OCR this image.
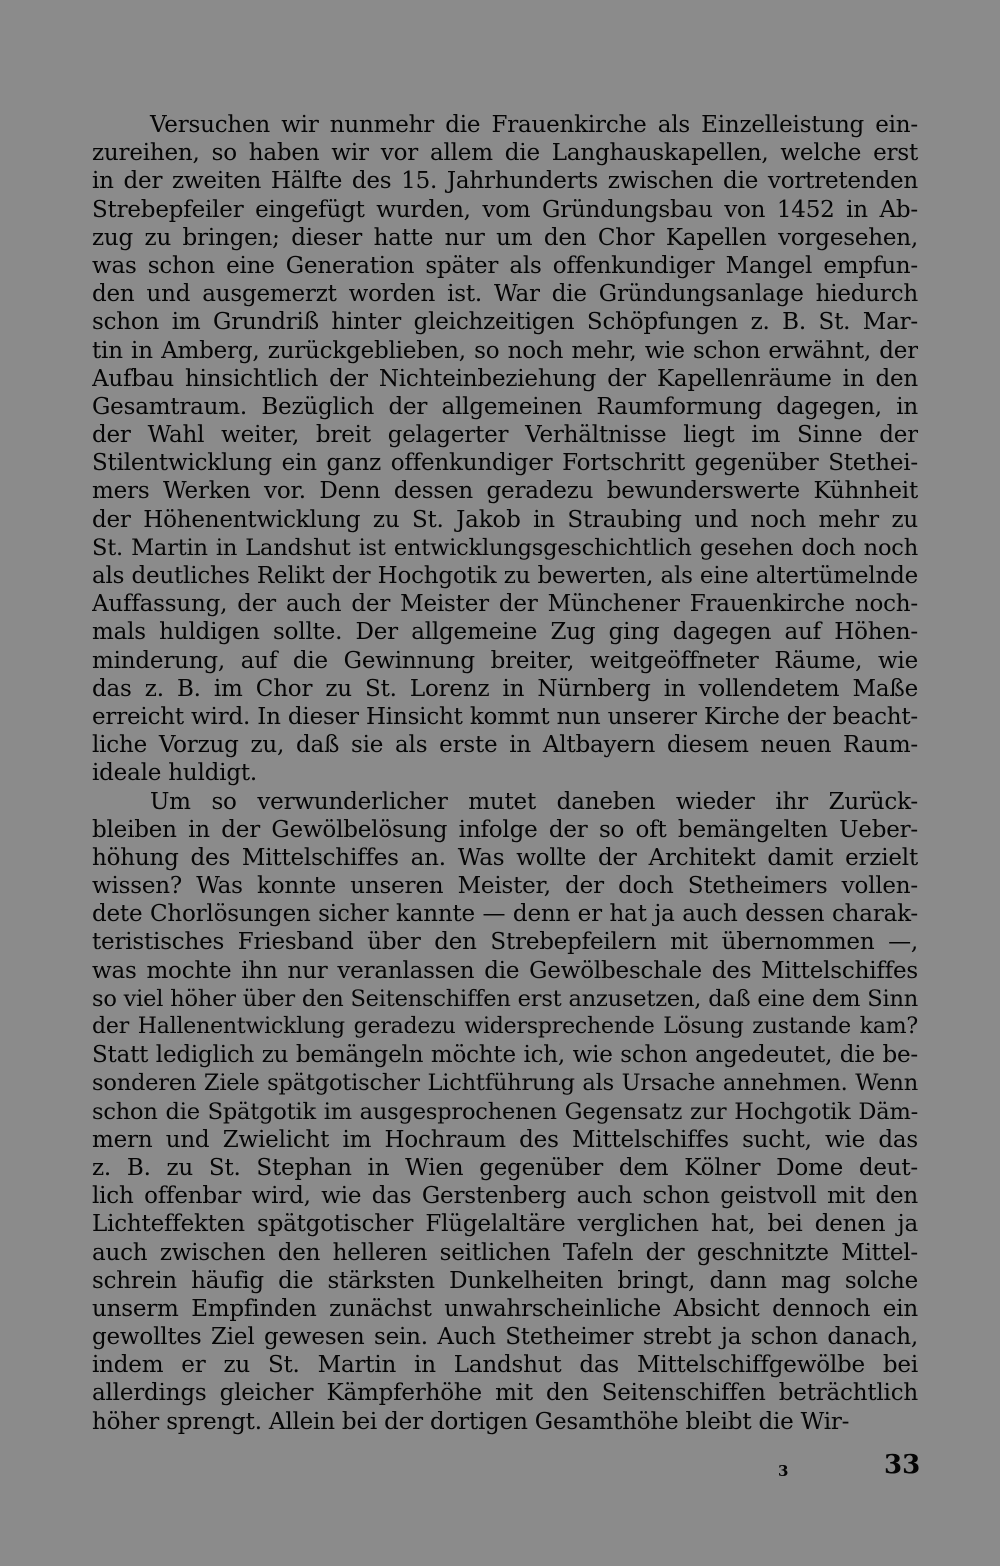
Versuchen wir nunmehr die Frauenkirche als Einzelleistung ein-
zureihen, so haben wir vor allem die Langhauskapellen, welche erst
in der zweiten Hälfte des 15. Jahrhunderts zwischen die vortretenden
Strebepfeiler eingefügt wurden, vom Gründungsbau von 1452 in Ab-
zug zu bringen; dieser hatte nur um den Chor Kapellen vorgesehen,
was schon eine Generation später als offenkundiger Mangel empfun-
den und ausgemerzt worden ist. War die Gründungsanlage hiedurch
schon im Grundriß hinter gleichzeitigen Schöpfungen z. B. St. Mar-
tin in Amberg, zurückgeblieben, so noch mehr, wie schon erwähnt, der
Aufbau hinsichtlich der Nichteinbeziehung der Kapellenräume in den
Gesamtraum. Bezüglich der allgemeinen Raumformung dagegen, in
der Wahl weiter, breit gelagerter Verhältnisse liegt im Sinne der
Stilentwicklung ein ganz offenkundiger Fortschritt gegenüber Stethei-
mers Werken vor. Denn dessen geradezu bewunderswerte Kühnheit
der Höhenentwicklung zu St. Jakob in Straubing und noch mehr zu
St. Martin in Landshut ist entwicklungsgeschichtlich gesehen doch noch
als deutliches Relikt der Hochgotik zu bewerten, als eine altertümelnde
Auffassung, der auch der Meister der Münchener Frauenkirche noch-
mals huldigen sollte. Der allgemeine Zug ging dagegen auf Höhen-
minderung, auf die Gewinnung breiter, weitgeöffneter Räume, wie
das z. B. im Chor zu St. Lorenz in Nürnberg in vollendetem Maße
erreicht wird. In dieser Hinsicht kommt nun unserer Kirche der beacht-
liche Vorzug zu, daß sie als erste in Altbayern diesem neuen Raum-
ideale huldigt.
Um so verwunderlicher mutet daneben wieder ihr Zurück-
bleiben in der Gewölbelösung infolge der so oft bemängelten Ueber-
höhung des Mittelschiffes an. Was wollte der Architekt damit erzielt
wissen? Was konnte unseren Meister, der doch Stetheimers vollen-
dete Chorlösungen sicher kannte — denn er hat ja auch dessen charak-
teristisches Friesband über den Strebepfeilern mit übernommen —,
was mochte ihn nur veranlassen die Gewölbeschale des Mittelschiffes
so viel höher über den Seitenschiffen erst anzusetzen, daß eine dem Sinn
der Hallenentwicklung geradezu widersprechende Lösung zustande kam?
Statt lediglich zu bemängeln möchte ich, wie schon angedeutet, die be-
sonderen Ziele spätgotischer Lichtführung als Ursache annehmen. Wenn
schon die Spätgotik im ausgesprochenen Gegensatz zur Hochgotik Däm-
mern und Zwielicht im Hochraum des Mittelschiffes sucht, wie das
z. B. zu St. Stephan in Wien gegenüber dem Kölner Dome deut-
lich offenbar wird, wie das Gerstenberg auch schon geistvoll mit den
Lichteffekten spätgotischer Flügelaltäre verglichen hat, bei denen ja
auch zwischen den helleren seitlichen Tafeln der geschnitzte Mittel-
schrein häufig die stärksten Dunkelheiten bringt, dann mag solche
unserm Empfinden zunächst unwahrscheinliche Absicht dennoch ein
gewolltes Ziel gewesen sein. Auch Stetheimer strebt ja schon danach,
indem er zu St. Martin in Landshut das Mittelschiffgewölbe bei
allerdings gleicher Kämpferhöhe mit den Seitenschiffen beträchtlich
höher sprengt. Allein bei der dortigen Gesamthöhe bleibt die Wir-
3	33
